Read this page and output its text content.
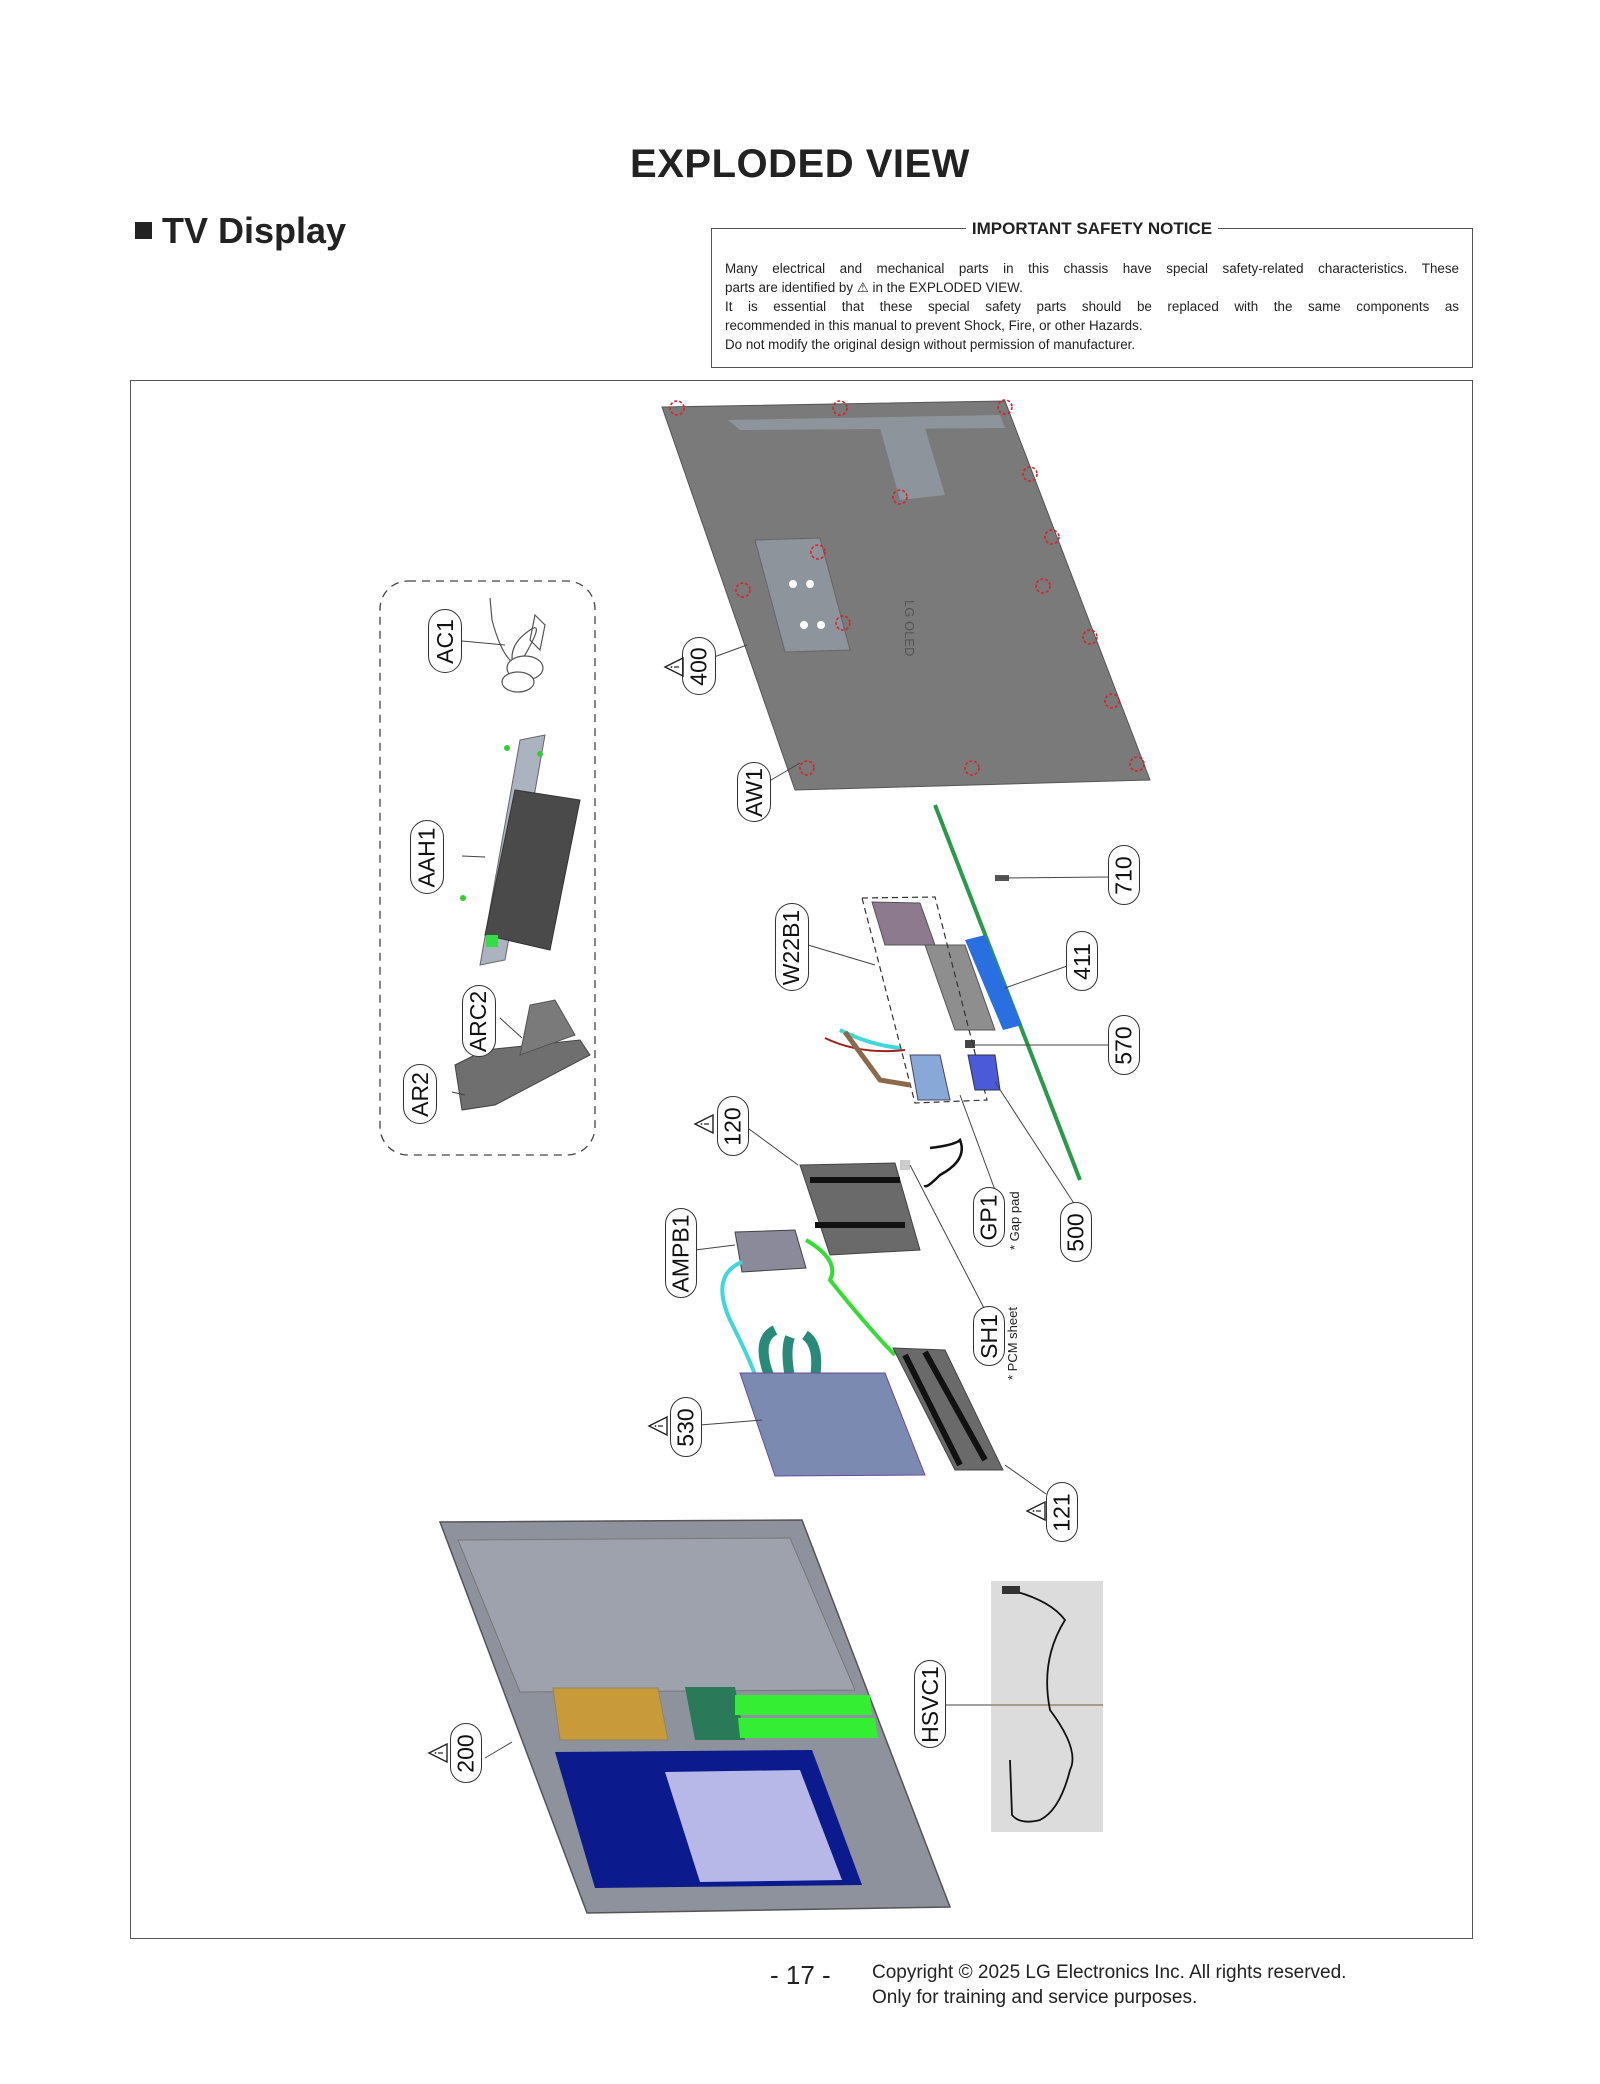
EXPLODED VIEW
TV Display	IMPORTANT SAFETY NOTICE
Many electrical and mechanical parts in this chassis have special safety-related characteristics. These
parts are identified by ⚠ in the EXPLODED VIEW.
It is essential that these special safety parts should be replaced with the same components as
recommended in this manual to prevent Shock, Fire, or other Hazards.
Do not modify the original design without permission of manufacturer.
LG OLED
AC1
AAH1
ARC2
AR2
400
AW1
710
W22B1	411
570
120
GP1 * Gap pad 500
AMPB1
SH1 * PCM sheet
530
121
HSVC1
200
- 17 - Copyright © 2025 LG Electronics Inc. All rights reserved.
Only for training and service purposes.
